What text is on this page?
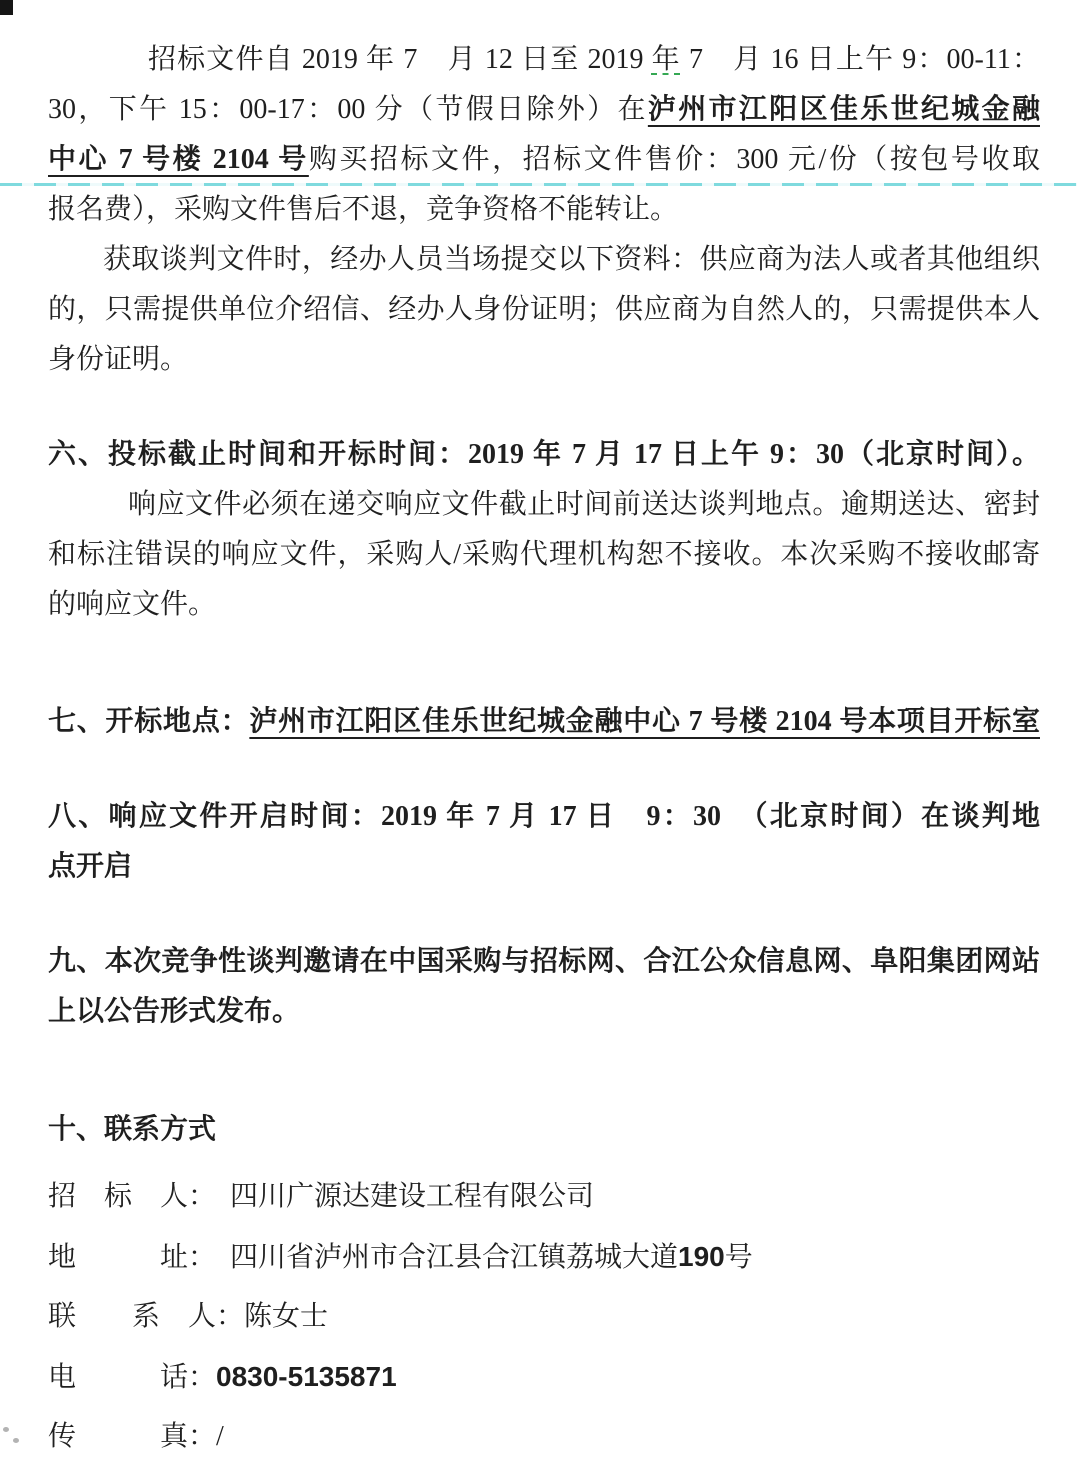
招标文件自 2019 年 7　月 12 日至 2019 年 7　月 16 日上午 9：00-11：
30，下午 15：00-17：00 分（节假日除外）在泸州市江阳区佳乐世纪城金融
中心 7 号楼 2104 号购买招标文件，招标文件售价：300 元/份（按包号收取
报名费），采购文件售后不退，竞争资格不能转让。
获取谈判文件时，经办人员当场提交以下资料：供应商为法人或者其他组织
的，只需提供单位介绍信、经办人身份证明；供应商为自然人的，只需提供本人
身份证明。
六、投标截止时间和开标时间：2019 年 7 月 17 日上午 9：30（北京时间）。
响应文件必须在递交响应文件截止时间前送达谈判地点。逾期送达、密封
和标注错误的响应文件，采购人/采购代理机构恕不接收。本次采购不接收邮寄
的响应文件。
七、开标地点：泸州市江阳区佳乐世纪城金融中心 7 号楼 2104 号本项目开标室
八、响应文件开启时间：2019 年 7 月 17 日　9：30　（北京时间）在谈判地
点开启
九、本次竞争性谈判邀请在中国采购与招标网、合江公众信息网、阜阳集团网站
上以公告形式发布。
十、联系方式
招　标　人：　四川广源达建设工程有限公司
地　　　址：　四川省泸州市合江县合江镇荔城大道190号
联　　系　人：陈女士
电　　　话：0830-5135871
传　　　真：/
